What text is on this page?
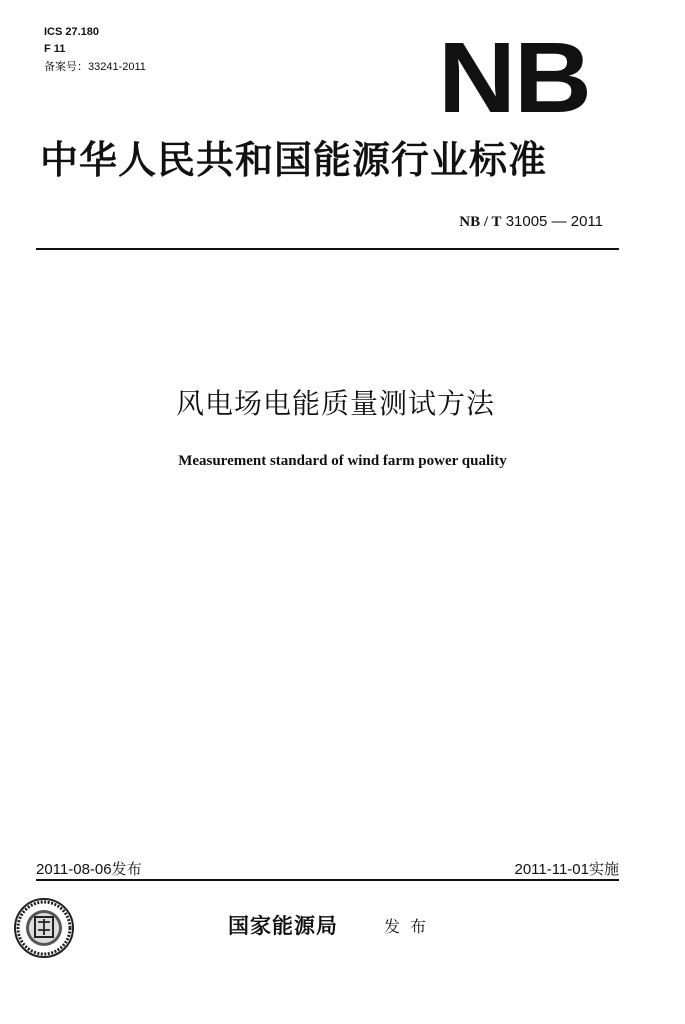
ICS 27.180
F 11
备案号：33241-2011	NB
中华人民共和国能源行业标准
NB / T 31005 — 2011
风电场电能质量测试方法
Measurement standard of wind farm power quality
2011-08-06发布	2011-11-01实施
国家能源局	发布
